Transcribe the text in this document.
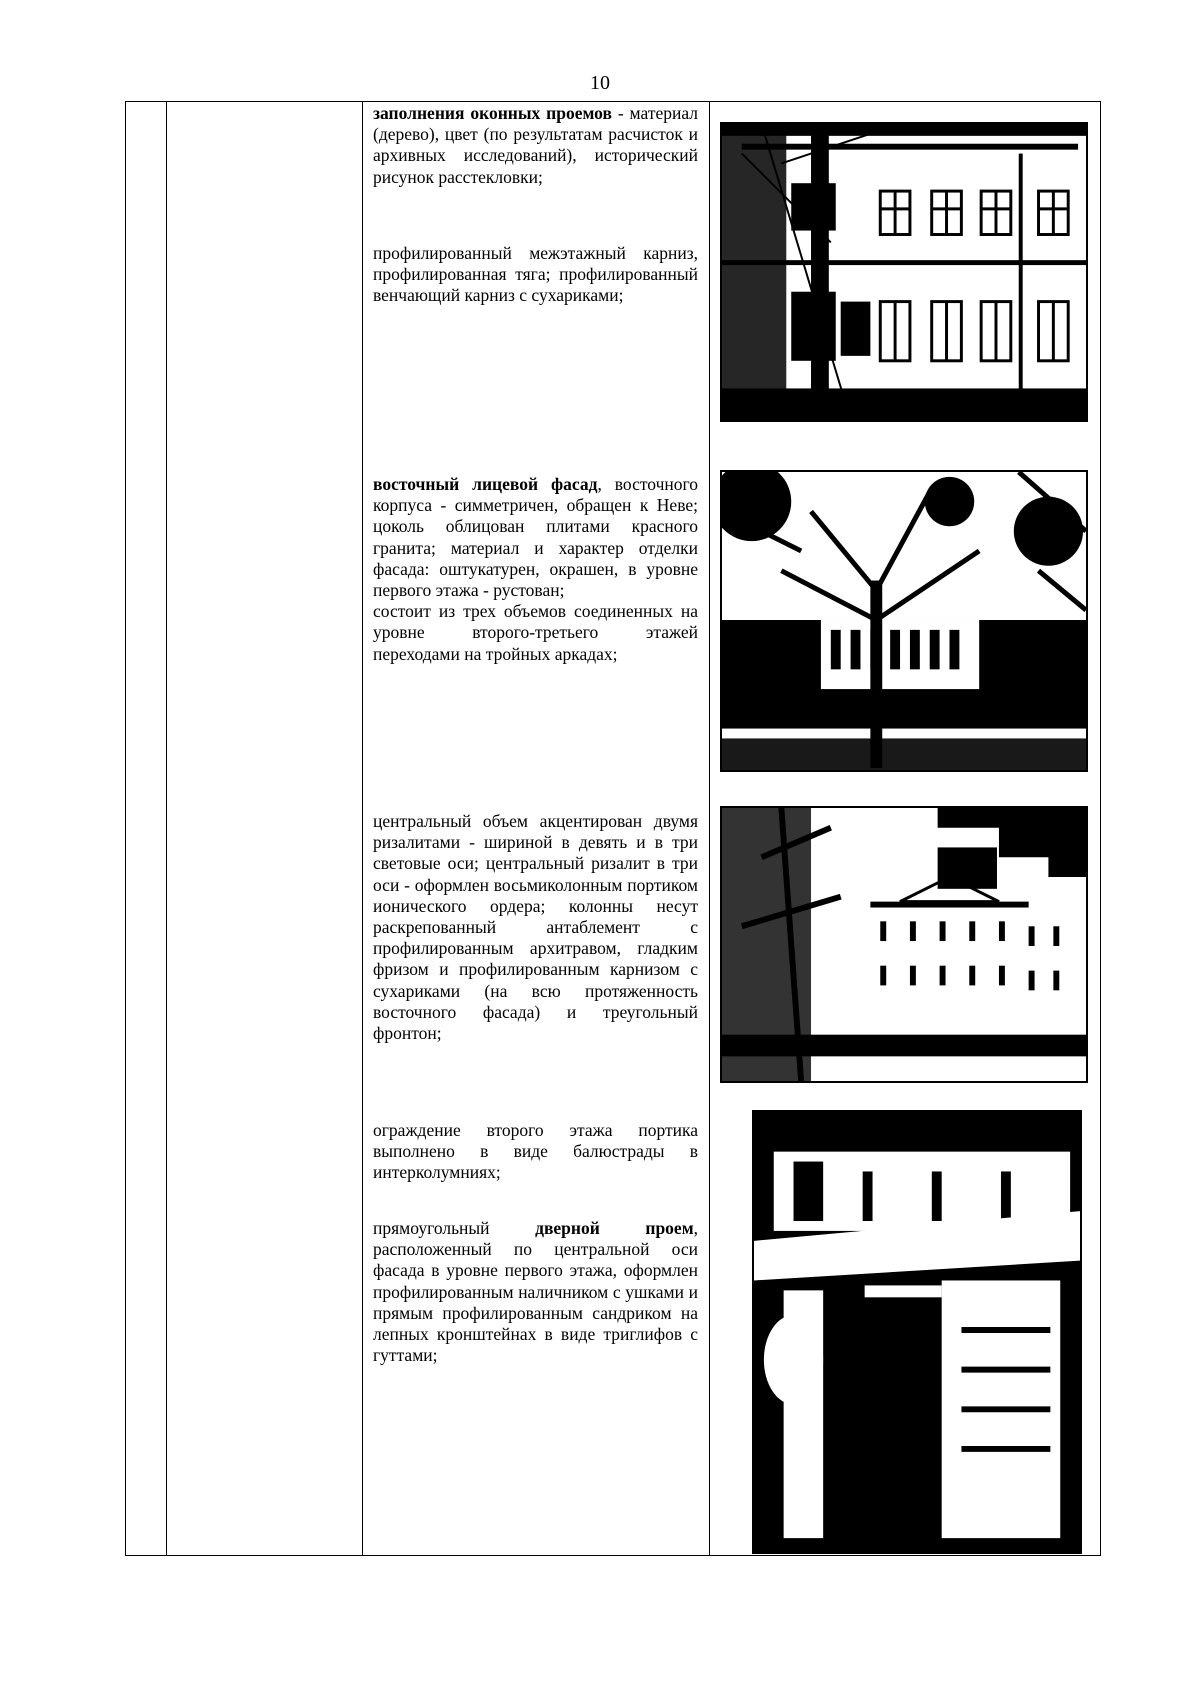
10

заполнения оконных проемов - материал (дерево), цвет (по результатам расчисток и архивных исследований), исторический рисунок расстекловки;

профилированный межэтажный карниз, профилированная тяга; профилированный венчающий карниз с сухариками;

восточный лицевой фасад, восточного корпуса - симметричен, обращен к Неве; цоколь облицован плитами красного гранита; материал и характер отделки фасада: оштукатурен, окрашен, в уровне первого этажа - рустован;

состоит из трех объемов соединенных на уровне второго-третьего этажей переходами на тройных аркадах;

центральный объем акцентирован двумя ризалитами - шириной в девять и в три световые оси; центральный ризалит в три оси - оформлен восьмиколонным портиком ионического ордера; колонны несут раскрепованный антаблемент с профилированным архитравом, гладким фризом и профилированным карнизом с сухариками (на всю протяженность восточного фасада) и треугольный фронтон;

ограждение второго этажа портика выполнено в виде балюстрады в интерколумниях;

прямоугольный дверной проем, расположенный по центральной оси фасада в уровне первого этажа, оформлен профилированным наличником с ушками и прямым профилированным сандриком на лепных кронштейнах в виде триглифов с гуттами;
